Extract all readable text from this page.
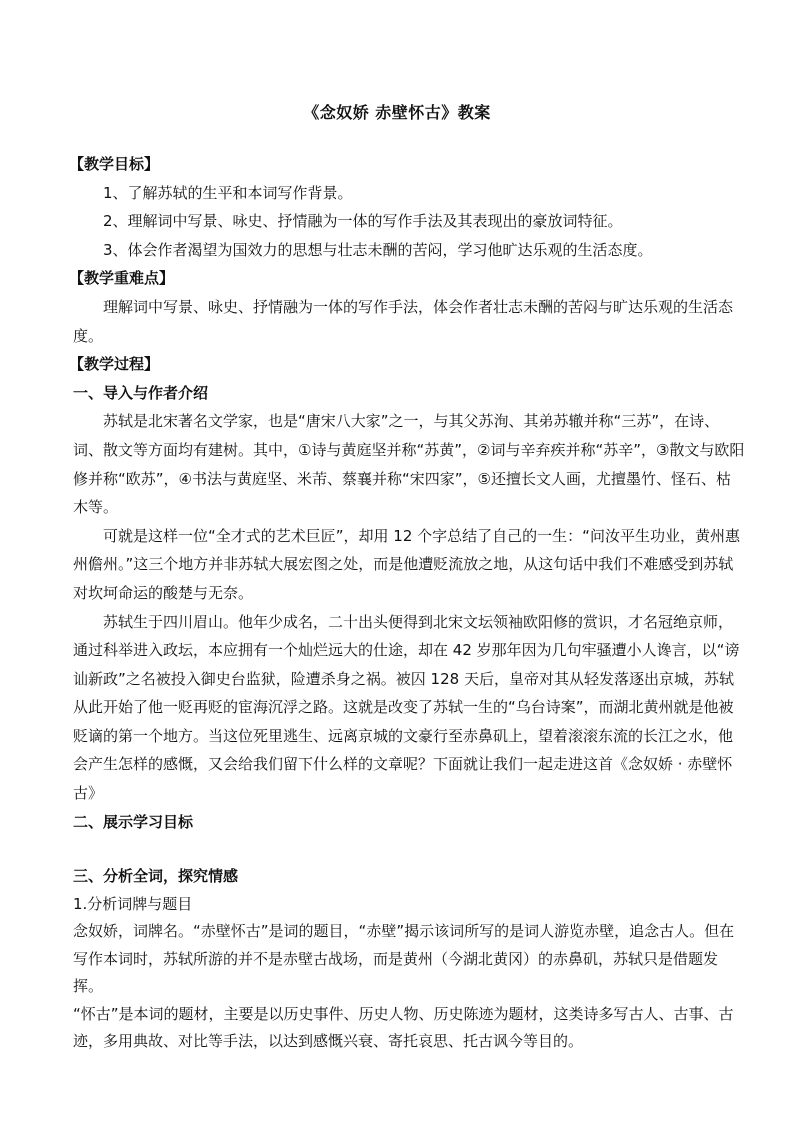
《念奴娇 赤壁怀古》教案

【教学目标】

1、了解苏轼的生平和本词写作背景。

2、理解词中写景、咏史、抒情融为一体的写作手法及其表现出的豪放词特征。

3、体会作者渴望为国效力的思想与壮志未酬的苦闷，学习他旷达乐观的生活态度。

【教学重难点】

理解词中写景、咏史、抒情融为一体的写作手法，体会作者壮志未酬的苦闷与旷达乐观的生活态度。

【教学过程】

一、导入与作者介绍

苏轼是北宋著名文学家，也是“唐宋八大家”之一，与其父苏洵、其弟苏辙并称“三苏”，在诗、词、散文等方面均有建树。其中，①诗与黄庭坚并称“苏黄”，②词与辛弃疾并称“苏辛”，③散文与欧阳修并称“欧苏”，④书法与黄庭坚、米芾、蔡襄并称“宋四家”，⑤还擅长文人画，尤擅墨竹、怪石、枯木等。

可就是这样一位“全才式的艺术巨匠”，却用 12 个字总结了自己的一生：“问汝平生功业，黄州惠州儋州。”这三个地方并非苏轼大展宏图之处，而是他遭贬流放之地，从这句话中我们不难感受到苏轼对坎坷命运的酸楚与无奈。

苏轼生于四川眉山。他年少成名，二十出头便得到北宋文坛领袖欧阳修的赏识，才名冠绝京师，通过科举进入政坛，本应拥有一个灿烂远大的仕途，却在 42 岁那年因为几句牢骚遭小人谗言，以“谤讪新政”之名被投入御史台监狱，险遭杀身之祸。被囚 128 天后，皇帝对其从轻发落逐出京城，苏轼从此开始了他一贬再贬的宦海沉浮之路。这就是改变了苏轼一生的“乌台诗案”，而湖北黄州就是他被贬谪的第一个地方。当这位死里逃生、远离京城的文豪行至赤鼻矶上，望着滚滚东流的长江之水，他会产生怎样的感慨，又会给我们留下什么样的文章呢？下面就让我们一起走进这首《念奴娇 · 赤壁怀古》

二、展示学习目标

三、分析全词，探究情感

1.分析词牌与题目

念奴娇，词牌名。“赤壁怀古”是词的题目，“赤壁”揭示该词所写的是词人游览赤壁，追念古人。但在写作本词时，苏轼所游的并不是赤壁古战场，而是黄州（今湖北黄冈）的赤鼻矶，苏轼只是借题发挥。

“怀古”是本词的题材，主要是以历史事件、历史人物、历史陈迹为题材，这类诗多写古人、古事、古迹，多用典故、对比等手法，以达到感慨兴衰、寄托哀思、托古讽今等目的。
